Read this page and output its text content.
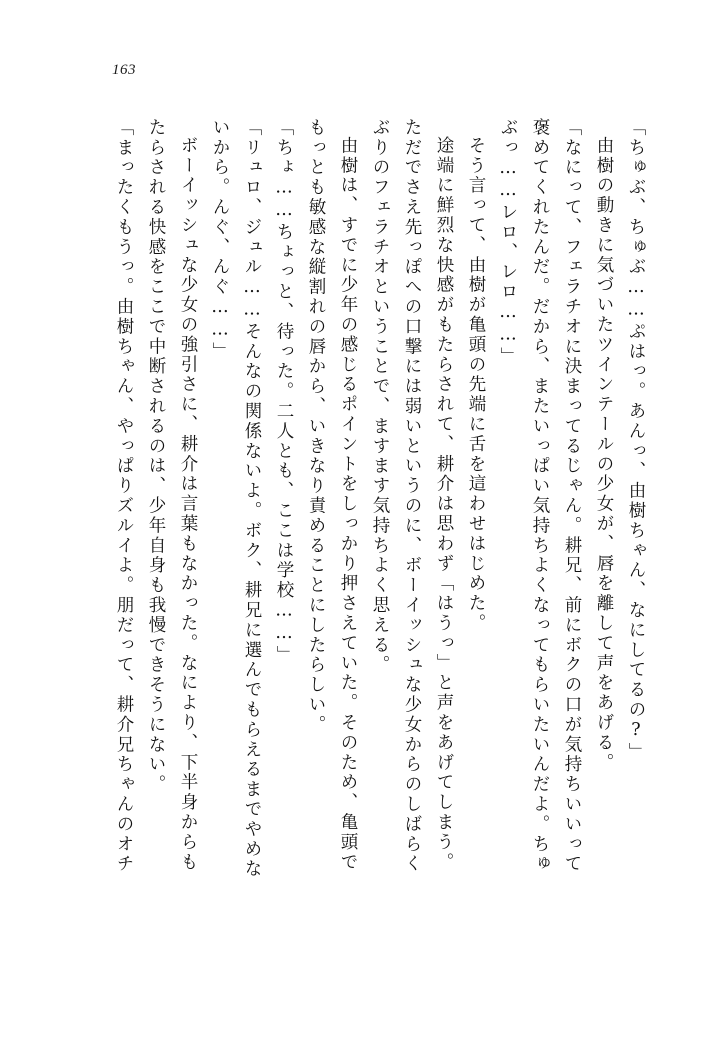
163
「ちゅぶ、ちゅぶ……ぷはっ。あんっ、由樹ちゃん、なにしてるの?」
由樹の動きに気づいたツインテールの少女が、唇を離して声をあげる。
「なにって、フェラチオに決まってるじゃん。耕兄、前にボクの口が気持ちいいって
褒めてくれたんだ。だから、またいっぱい気持ちよくなってもらいたいんだよ。ちゅ
ぶっ……レロ、レロ……」
そう言って、由樹が亀頭の先端に舌を這わせはじめた。
途端に鮮烈な快感がもたらされて、耕介は思わず「はうっ」と声をあげてしまう。
ただでさえ先っぽへの口撃には弱いというのに、ボーイッシュな少女からのしばらく
ぶりのフェラチオということで、ますます気持ちよく思える。
由樹は、すでに少年の感じるポイントをしっかり押さえていた。そのため、亀頭で
もっとも敏感な縦割れの唇から、いきなり責めることにしたらしい。
「ちょ……ちょっと、待った。二人とも、ここは学校……」
「リュロ、ジュル……そんなの関係ないよ。ボク、耕兄に選んでもらえるまでやめな
いから。んぐ、んぐ……」
ボーイッシュな少女の強引さに、耕介は言葉もなかった。なにより、下半身からも
たらされる快感をここで中断されるのは、少年自身も我慢できそうにない。
「まったくもうっ。由樹ちゃん、やっぱりズルイよ。朋だって、耕介兄ちゃんのオチ
